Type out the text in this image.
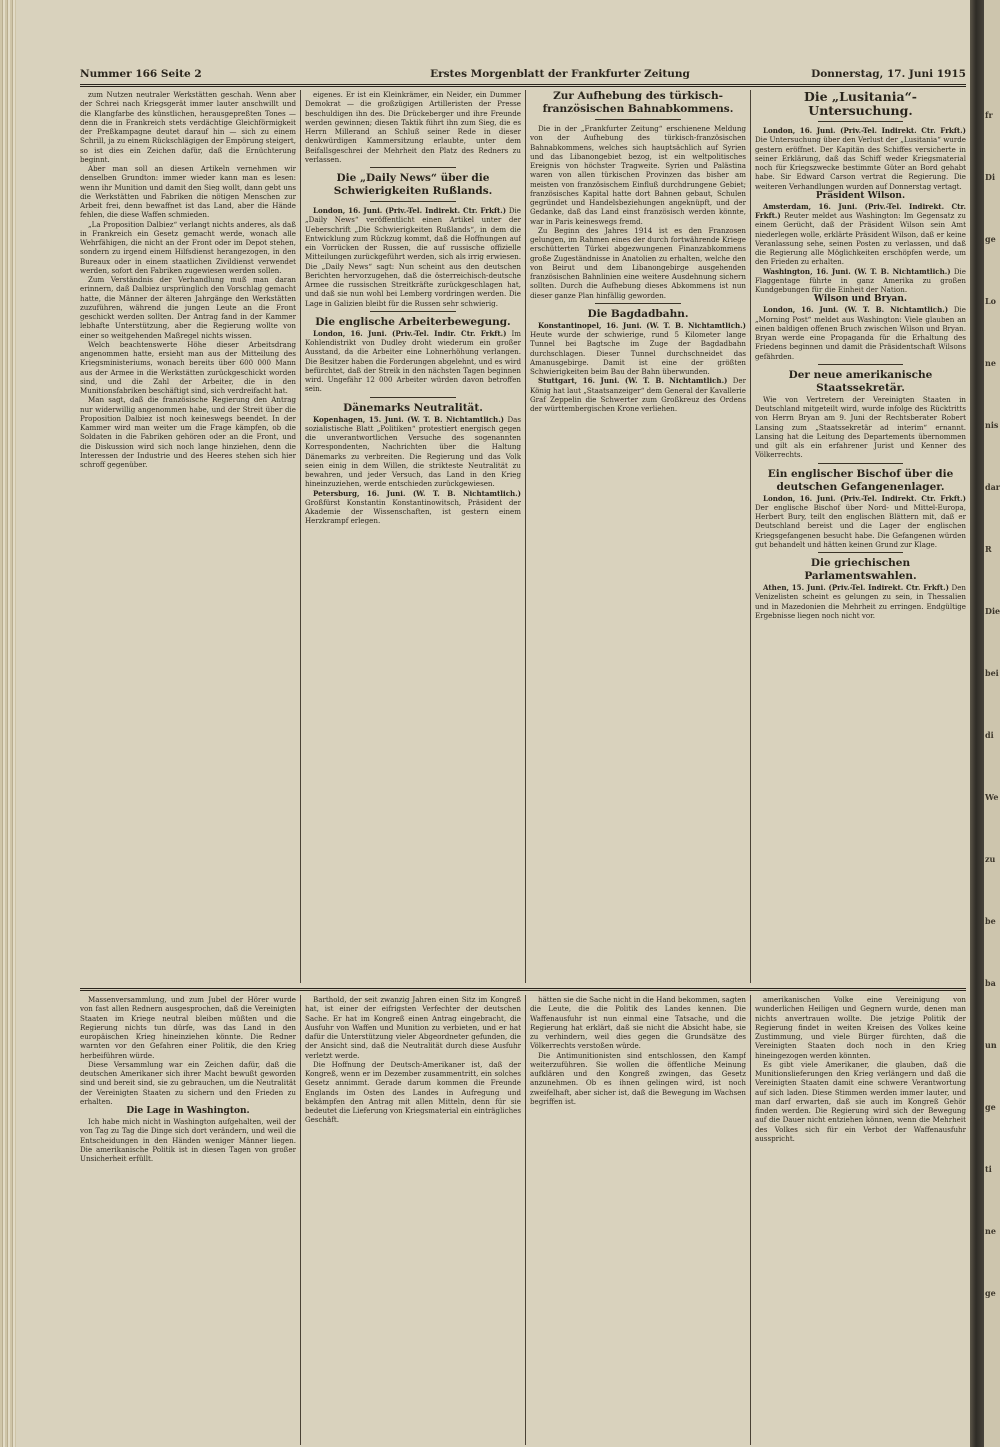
Nummer 166 Seite 2	Erstes Morgenblatt der Frankfurter Zeitung	Donnerstag, 17. Juni 1915

zum Nutzen neutraler Werkstätten geschah. Wenn aber der Schrei nach Kriegsgerät immer lauter anschwillt und die Klangfarbe des künstlichen, herausgepreßten Tones — denn die in Frankreich stets verdächtige Gleichförmigkeit der Preßkampagne deutet darauf hin — sich zu einem Schrill, ja zu einem Rückschlägigen der Empörung steigert, so ist dies ein Zeichen dafür, daß die Ernüchterung beginnt.

Aber man soll an diesen Artikeln vernehmen wir denselben Grundton: immer wieder kann man es lesen: wenn ihr Munition und damit den Sieg wollt, dann gebt uns die Werkstätten und Fabriken die nötigen Menschen zur Arbeit frei, denn bewaffnet ist das Land, aber die Hände fehlen, die diese Waffen schmieden.

„La Proposition Dalbiez“ verlangt nichts anderes, als daß in Frankreich ein Gesetz gemacht werde, wonach alle Wehrfähigen, die nicht an der Front oder im Depot stehen, sondern zu irgend einem Hilfsdienst herangezogen, in den Bureaux oder in einem staatlichen Zivildienst verwendet werden, sofort den Fabriken zugewiesen werden sollen.

Zum Verständnis der Verhandlung muß man daran erinnern, daß Dalbiez ursprünglich den Vorschlag gemacht hatte, die Männer der älteren Jahrgänge den Werkstätten zuzuführen, während die jungen Leute an die Front geschickt werden sollten. Der Antrag fand in der Kammer lebhafte Unterstützung, aber die Regierung wollte von einer so weitgehenden Maßregel nichts wissen.

Welch beachtenswerte Höhe dieser Arbeitsdrang angenommen hatte, ersieht man aus der Mitteilung des Kriegsministeriums, wonach bereits über 600 000 Mann aus der Armee in die Werkstätten zurückgeschickt worden sind, und die Zahl der Arbeiter, die in den Munitionsfabriken beschäftigt sind, sich verdreifacht hat.

Man sagt, daß die französische Regierung den Antrag nur widerwillig angenommen habe, und der Streit über die Proposition Dalbiez ist noch keineswegs beendet. In der Kammer wird man weiter um die Frage kämpfen, ob die Soldaten in die Fabriken gehören oder an die Front, und die Diskussion wird sich noch lange hinziehen, denn die Interessen der Industrie und des Heeres stehen sich hier schroff gegenüber.

eigenes. Er ist ein Kleinkrämer, ein Neider, ein Dummer Demokrat — die großzügigen Artilleristen der Presse beschuldigen ihn des. Die Drückeberger und ihre Freunde werden gewinnen; diesen Taktik führt ihn zum Sieg, die es Herrn Millerand an Schluß seiner Rede in dieser denkwürdigen Kammersitzung erlaubte, unter dem Beifallsgeschrei der Mehrheit den Platz des Redners zu verlassen.

Die „Daily News“ über die Schwierigkeiten Rußlands.

London, 16. Juni. (Priv.-Tel. Indirekt. Ctr. Frkft.) Die „Daily News“ veröffentlicht einen Artikel unter der Ueberschrift „Die Schwierigkeiten Rußlands“, in dem die Entwicklung zum Rückzug kommt, daß die Hoffnungen auf ein Vorrücken der Russen, die auf russische offizielle Mitteilungen zurückgeführt werden, sich als irrig erwiesen. Die „Daily News“ sagt: Nun scheint aus den deutschen Berichten hervorzugehen, daß die österreichisch-deutsche Armee die russischen Streitkräfte zurückgeschlagen hat, und daß sie nun wohl bei Lemberg vordringen werden. Die Lage in Galizien bleibt für die Russen sehr schwierig.

Die englische Arbeiterbewegung.

London, 16. Juni. (Priv.-Tel. Indir. Ctr. Frkft.) Im Kohlendistrikt von Dudley droht wiederum ein großer Ausstand, da die Arbeiter eine Lohnerhöhung verlangen. Die Besitzer haben die Forderungen abgelehnt, und es wird befürchtet, daß der Streik in den nächsten Tagen beginnen wird. Ungefähr 12 000 Arbeiter würden davon betroffen sein.

Dänemarks Neutralität.

Kopenhagen, 15. Juni. (W. T. B. Nichtamtlich.) Das sozialistische Blatt „Politiken“ protestiert energisch gegen die unverantwortlichen Versuche des sogenannten Korrespondenten, Nachrichten über die Haltung Dänemarks zu verbreiten. Die Regierung und das Volk seien einig in dem Willen, die strikteste Neutralität zu bewahren, und jeder Versuch, das Land in den Krieg hineinzuziehen, werde entschieden zurückgewiesen.

Petersburg, 16. Juni. (W. T. B. Nichtamtlich.) Großfürst Konstantin Konstantinowitsch, Präsident der Akademie der Wissenschaften, ist gestern einem Herzkrampf erlegen.

Zur Aufhebung des türkisch-französischen Bahnabkommens.

Die in der „Frankfurter Zeitung“ erschienene Meldung von der Aufhebung des türkisch-französischen Bahnabkommens, welches sich hauptsächlich auf Syrien und das Libanongebiet bezog, ist ein weltpolitisches Ereignis von höchster Tragweite. Syrien und Palästina waren von allen türkischen Provinzen das bisher am meisten von französischem Einfluß durchdrungene Gebiet; französisches Kapital hatte dort Bahnen gebaut, Schulen gegründet und Handelsbeziehungen angeknüpft, und der Gedanke, daß das Land einst französisch werden könnte, war in Paris keineswegs fremd.

Zu Beginn des Jahres 1914 ist es den Franzosen gelungen, im Rahmen eines der durch fortwährende Kriege erschütterten Türkei abgezwungenen Finanzabkommens große Zugeständnisse in Anatolien zu erhalten, welche den von Beirut und dem Libanongebirge ausgehenden französischen Bahnlinien eine weitere Ausdehnung sichern sollten. Durch die Aufhebung dieses Abkommens ist nun dieser ganze Plan hinfällig geworden.

Die Bagdadbahn.

Konstantinopel, 16. Juni. (W. T. B. Nichtamtlich.) Heute wurde der schwierige, rund 5 Kilometer lange Tunnel bei Bagtsche im Zuge der Bagdadbahn durchschlagen. Dieser Tunnel durchschneidet das Amanusgebirge. Damit ist eine der größten Schwierigkeiten beim Bau der Bahn überwunden.

Stuttgart, 16. Juni. (W. T. B. Nichtamtlich.) Der König hat laut „Staatsanzeiger“ dem General der Kavallerie Graf Zeppelin die Schwerter zum Großkreuz des Ordens der württembergischen Krone verliehen.

Die „Lusitania“-Untersuchung.

London, 16. Juni. (Priv.-Tel. Indirekt. Ctr. Frkft.) Die Untersuchung über den Verlust der „Lusitania“ wurde gestern eröffnet. Der Kapitän des Schiffes versicherte in seiner Erklärung, daß das Schiff weder Kriegsmaterial noch für Kriegszwecke bestimmte Güter an Bord gehabt habe. Sir Edward Carson vertrat die Regierung. Die weiteren Verhandlungen wurden auf Donnerstag vertagt.

Präsident Wilson.

Amsterdam, 16. Juni. (Priv.-Tel. Indirekt. Ctr. Frkft.) Reuter meldet aus Washington: Im Gegensatz zu einem Gerücht, daß der Präsident Wilson sein Amt niederlegen wolle, erklärte Präsident Wilson, daß er keine Veranlassung sehe, seinen Posten zu verlassen, und daß die Regierung alle Möglichkeiten erschöpfen werde, um den Frieden zu erhalten.

Washington, 16. Juni. (W. T. B. Nichtamtlich.) Die Flaggentage führte in ganz Amerika zu großen Kundgebungen für die Einheit der Nation.

Wilson und Bryan.

London, 16. Juni. (W. T. B. Nichtamtlich.) Die „Morning Post“ meldet aus Washington: Viele glauben an einen baldigen offenen Bruch zwischen Wilson und Bryan. Bryan werde eine Propaganda für die Erhaltung des Friedens beginnen und damit die Präsidentschaft Wilsons gefährden.

Der neue amerikanische Staatssekretär.

Wie von Vertretern der Vereinigten Staaten in Deutschland mitgeteilt wird, wurde infolge des Rücktritts von Herrn Bryan am 9. Juni der Rechtsberater Robert Lansing zum „Staatssekretär ad interim“ ernannt. Lansing hat die Leitung des Departements übernommen und gilt als ein erfahrener Jurist und Kenner des Völkerrechts.

Ein englischer Bischof über die deutschen Gefangenenlager.

London, 16. Juni. (Priv.-Tel. Indirekt. Ctr. Frkft.) Der englische Bischof über Nord- und Mittel-Europa, Herbert Bury, teilt den englischen Blättern mit, daß er Deutschland bereist und die Lager der englischen Kriegsgefangenen besucht habe. Die Gefangenen würden gut behandelt und hätten keinen Grund zur Klage.

Die griechischen Parlamentswahlen.

Athen, 15. Juni. (Priv.-Tel. Indirekt. Ctr. Frkft.) Den Venizelisten scheint es gelungen zu sein, in Thessalien und in Mazedonien die Mehrheit zu erringen. Endgültige Ergebnisse liegen noch nicht vor.

Massenversammlung, und zum Jubel der Hörer wurde von fast allen Rednern ausgesprochen, daß die Vereinigten Staaten im Kriege neutral bleiben müßten und die Regierung nichts tun dürfe, was das Land in den europäischen Krieg hineinziehen könnte. Die Redner warnten vor den Gefahren einer Politik, die den Krieg herbeiführen würde.

Diese Versammlung war ein Zeichen dafür, daß die deutschen Amerikaner sich ihrer Macht bewußt geworden sind und bereit sind, sie zu gebrauchen, um die Neutralität der Vereinigten Staaten zu sichern und den Frieden zu erhalten.

Die Lage in Washington.

Ich habe mich nicht in Washington aufgehalten, weil der von Tag zu Tag die Dinge sich dort verändern, und weil die Entscheidungen in den Händen weniger Männer liegen. Die amerikanische Politik ist in diesen Tagen von großer Unsicherheit erfüllt.

Barthold, der seit zwanzig Jahren einen Sitz im Kongreß hat, ist einer der eifrigsten Verfechter der deutschen Sache. Er hat im Kongreß einen Antrag eingebracht, die Ausfuhr von Waffen und Munition zu verbieten, und er hat dafür die Unterstützung vieler Abgeordneter gefunden, die der Ansicht sind, daß die Neutralität durch diese Ausfuhr verletzt werde.

Die Hoffnung der Deutsch-Amerikaner ist, daß der Kongreß, wenn er im Dezember zusammentritt, ein solches Gesetz annimmt. Gerade darum kommen die Freunde Englands im Osten des Landes in Aufregung und bekämpfen den Antrag mit allen Mitteln, denn für sie bedeutet die Lieferung von Kriegsmaterial ein einträgliches Geschäft.

hätten sie die Sache nicht in die Hand bekommen, sagten die Leute, die die Politik des Landes kennen. Die Waffenausfuhr ist nun einmal eine Tatsache, und die Regierung hat erklärt, daß sie nicht die Absicht habe, sie zu verhindern, weil dies gegen die Grundsätze des Völkerrechts verstoßen würde.

Die Antimunitionisten sind entschlossen, den Kampf weiterzuführen. Sie wollen die öffentliche Meinung aufklären und den Kongreß zwingen, das Gesetz anzunehmen. Ob es ihnen gelingen wird, ist noch zweifelhaft, aber sicher ist, daß die Bewegung im Wachsen begriffen ist.

amerikanischen Volke eine Vereinigung von wunderlichen Heiligen und Gegnern wurde, denen man nichts anvertrauen wollte. Die jetzige Politik der Regierung findet in weiten Kreisen des Volkes keine Zustimmung, und viele Bürger fürchten, daß die Vereinigten Staaten doch noch in den Krieg hineingezogen werden könnten.

Es gibt viele Amerikaner, die glauben, daß die Munitionslieferungen den Krieg verlängern und daß die Vereinigten Staaten damit eine schwere Verantwortung auf sich laden. Diese Stimmen werden immer lauter, und man darf erwarten, daß sie auch im Kongreß Gehör finden werden. Die Regierung wird sich der Bewegung auf die Dauer nicht entziehen können, wenn die Mehrheit des Volkes sich für ein Verbot der Waffenausfuhr ausspricht.

fr
Di
ge
Lo
ne
nis
dar
R
Die
bei
di
We
zu
be
ba
un
ge
ti
ne
ge
